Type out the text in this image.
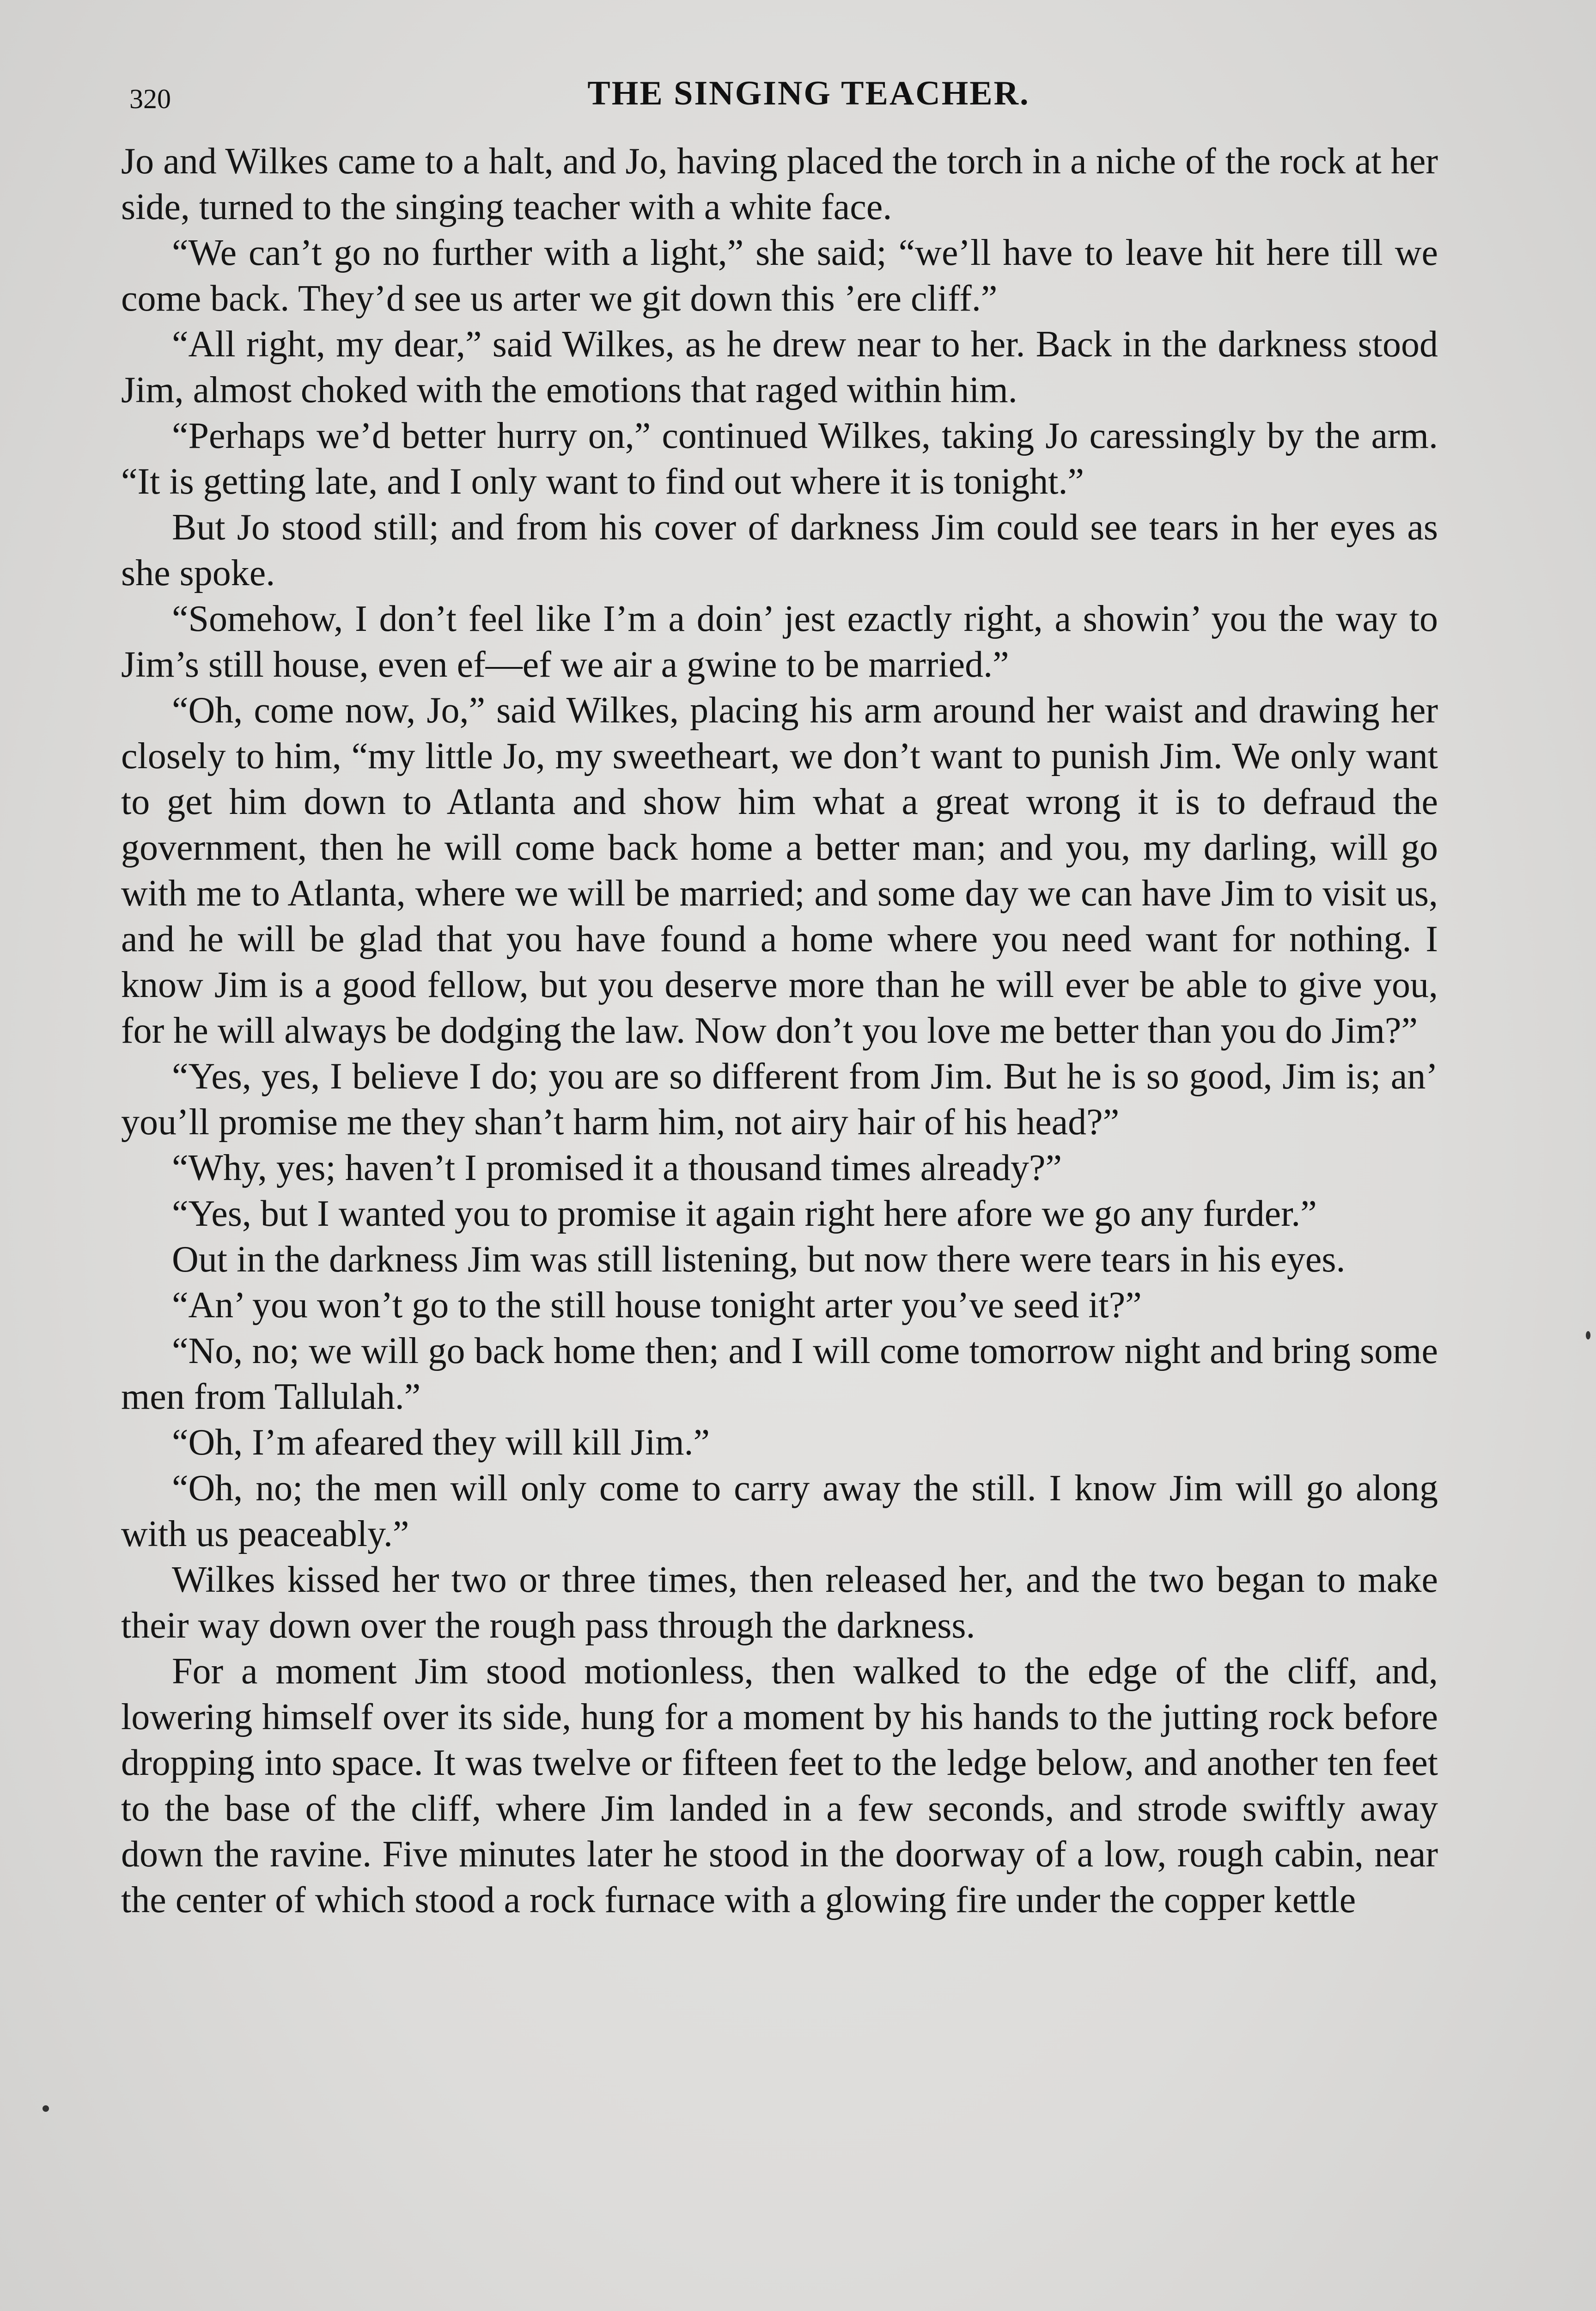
320	THE SINGING TEACHER.

Jo and Wilkes came to a halt, and Jo, having placed the torch in a niche of the rock at her side, turned to the singing teacher with a white face.

“We can’t go no further with a light,” she said; “we’ll have to leave hit here till we come back. They’d see us arter we git down this ’ere cliff.”

“All right, my dear,” said Wilkes, as he drew near to her. Back in the darkness stood Jim, almost choked with the emotions that raged within him.

“Perhaps we’d better hurry on,” continued Wilkes, taking Jo caressingly by the arm. “It is getting late, and I only want to find out where it is tonight.”

But Jo stood still; and from his cover of darkness Jim could see tears in her eyes as she spoke.

“Somehow, I don’t feel like I’m a doin’ jest ezactly right, a showin’ you the way to Jim’s still house, even ef—ef we air a gwine to be married.”

“Oh, come now, Jo,” said Wilkes, placing his arm around her waist and drawing her closely to him, “my little Jo, my sweetheart, we don’t want to punish Jim. We only want to get him down to Atlanta and show him what a great wrong it is to defraud the government, then he will come back home a better man; and you, my darling, will go with me to Atlanta, where we will be married; and some day we can have Jim to visit us, and he will be glad that you have found a home where you need want for nothing. I know Jim is a good fellow, but you deserve more than he will ever be able to give you, for he will always be dodging the law. Now don’t you love me better than you do Jim?”

“Yes, yes, I believe I do; you are so different from Jim. But he is so good, Jim is; an’ you’ll promise me they shan’t harm him, not airy hair of his head?”

“Why, yes; haven’t I promised it a thousand times already?”

“Yes, but I wanted you to promise it again right here afore we go any furder.”

Out in the darkness Jim was still listening, but now there were tears in his eyes.

“An’ you won’t go to the still house tonight arter you’ve seed it?”

“No, no; we will go back home then; and I will come tomorrow night and bring some men from Tallulah.”

“Oh, I’m afeared they will kill Jim.”

“Oh, no; the men will only come to carry away the still. I know Jim will go along with us peaceably.”

Wilkes kissed her two or three times, then released her, and the two began to make their way down over the rough pass through the darkness.

For a moment Jim stood motionless, then walked to the edge of the cliff, and, lowering himself over its side, hung for a moment by his hands to the jutting rock before dropping into space. It was twelve or fifteen feet to the ledge below, and another ten feet to the base of the cliff, where Jim landed in a few seconds, and strode swiftly away down the ravine. Five minutes later he stood in the doorway of a low, rough cabin, near the center of which stood a rock furnace with a glowing fire under the copper kettle
